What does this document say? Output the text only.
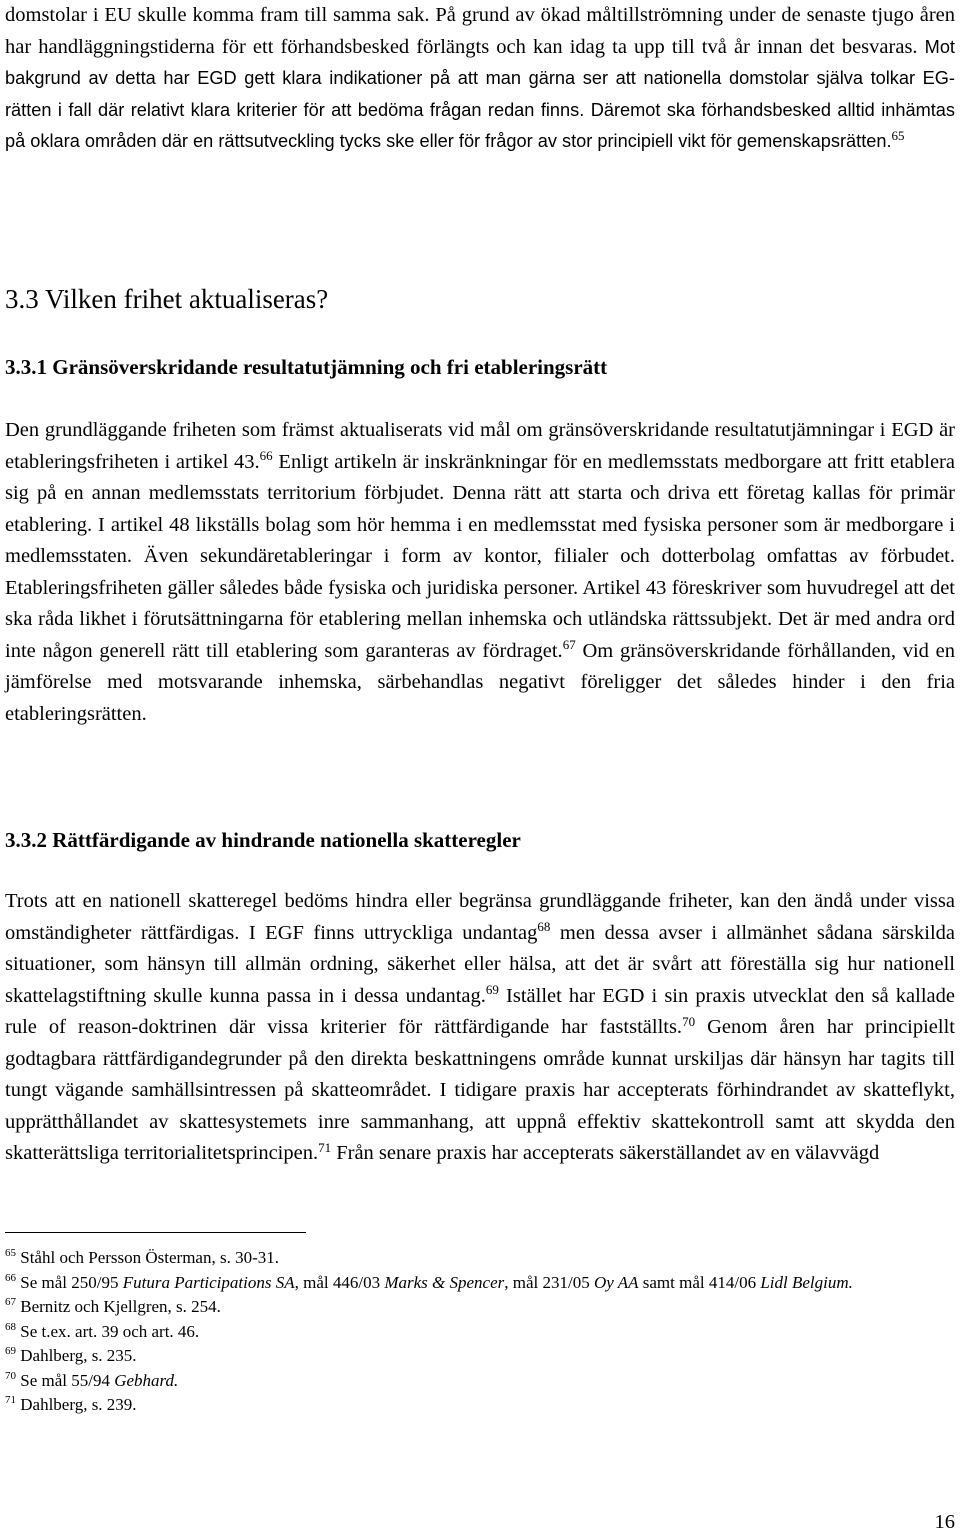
domstolar i EU skulle komma fram till samma sak. På grund av ökad måltillströmning under de senaste tjugo åren har handläggningstiderna för ett förhandsbesked förlängts och kan idag ta upp till två år innan det besvaras. Mot bakgrund av detta har EGD gett klara indikationer på att man gärna ser att nationella domstolar själva tolkar EG-rätten i fall där relativt klara kriterier för att bedöma frågan redan finns. Däremot ska förhandsbesked alltid inhämtas på oklara områden där en rättsutveckling tycks ske eller för frågor av stor principiell vikt för gemenskapsrätten.$^{65}$

3.3 Vilken frihet aktualiseras?
3.3.1 Gränsöverskridande resultatutjämning och fri etableringsrätt

Den grundläggande friheten som främst aktualiserats vid mål om gränsöverskridande resultatutjämningar i EGD är etableringsfriheten i artikel 43.66 Enligt artikeln är inskränkningar för en medlemsstats medborgare att fritt etablera sig på en annan medlemsstats territorium förbjudet. Denna rätt att starta och driva ett företag kallas för primär etablering. I artikel 48 likställs bolag som hör hemma i en medlemsstat med fysiska personer som är medborgare i medlemsstaten. Även sekundäretableringar i form av kontor, filialer och dotterbolag omfattas av förbudet. Etableringsfriheten gäller således både fysiska och juridiska personer. Artikel 43 föreskriver som huvudregel att det ska råda likhet i förutsättningarna för etablering mellan inhemska och utländska rättssubjekt. Det är med andra ord inte någon generell rätt till etablering som garanteras av fördraget.$^{67}$ Om gränsöverskridande förhållanden, vid en jämförelse med motsvarande inhemska, särbehandlas negativt föreligger det således hinder i den fria etableringsrätten.

3.3.2 Rättfärdigande av hindrande nationella skatteregler

Trots att en nationell skatteregel bedöms hindra eller begränsa grundläggande friheter, kan den ändå under vissa omständigheter rättfärdigas. I EGF finns uttryckliga undantag$^{68}$ men dessa avser i allmänhet sådana särskilda situationer, som hänsyn till allmän ordning, säkerhet eller hälsa, att det är svårt att föreställa sig hur nationell skattelagstiftning skulle kunna passa in i dessa undantag.$^{69}$ Istället har EGD i sin praxis utvecklat den så kallade rule of reason-doktrinen där vissa kriterier för rättfärdigande har fastställts.$^{70}$ Genom åren har principiellt godtagbara rättfärdigandegrunder på den direkta beskattningens område kunnat urskiljas där hänsyn har tagits till tungt vägande samhällsintressen på skatteområdet. I tidigare praxis har accepterats förhindrandet av skatteflykt, upprätthållandet av skattesystemets inre sammanhang, att uppnå effektiv skattekontroll samt att skydda den skatterättsliga territorialitetsprincipen.$^{71}$ Från senare praxis har accepterats säkerställandet av en välavvägd

$^{65}$ Ståhl och Persson Österman, s. 30-31.

$^{66}$ Se mål 250/95 Futura Participations SA, mål 446/03 Marks & Spencer, mål 231/05 Oy AA samt mål 414/06 Lidl Belgium.

$^{67}$ Bernitz och Kjellgren, s. 254.

$^{68}$ Se t.ex. art. 39 och art. 46.

$^{69}$ Dahlberg, s. 235.

$^{70}$ Se mål 55/94 Gebhard.

$^{71}$ Dahlberg, s. 239.

16
